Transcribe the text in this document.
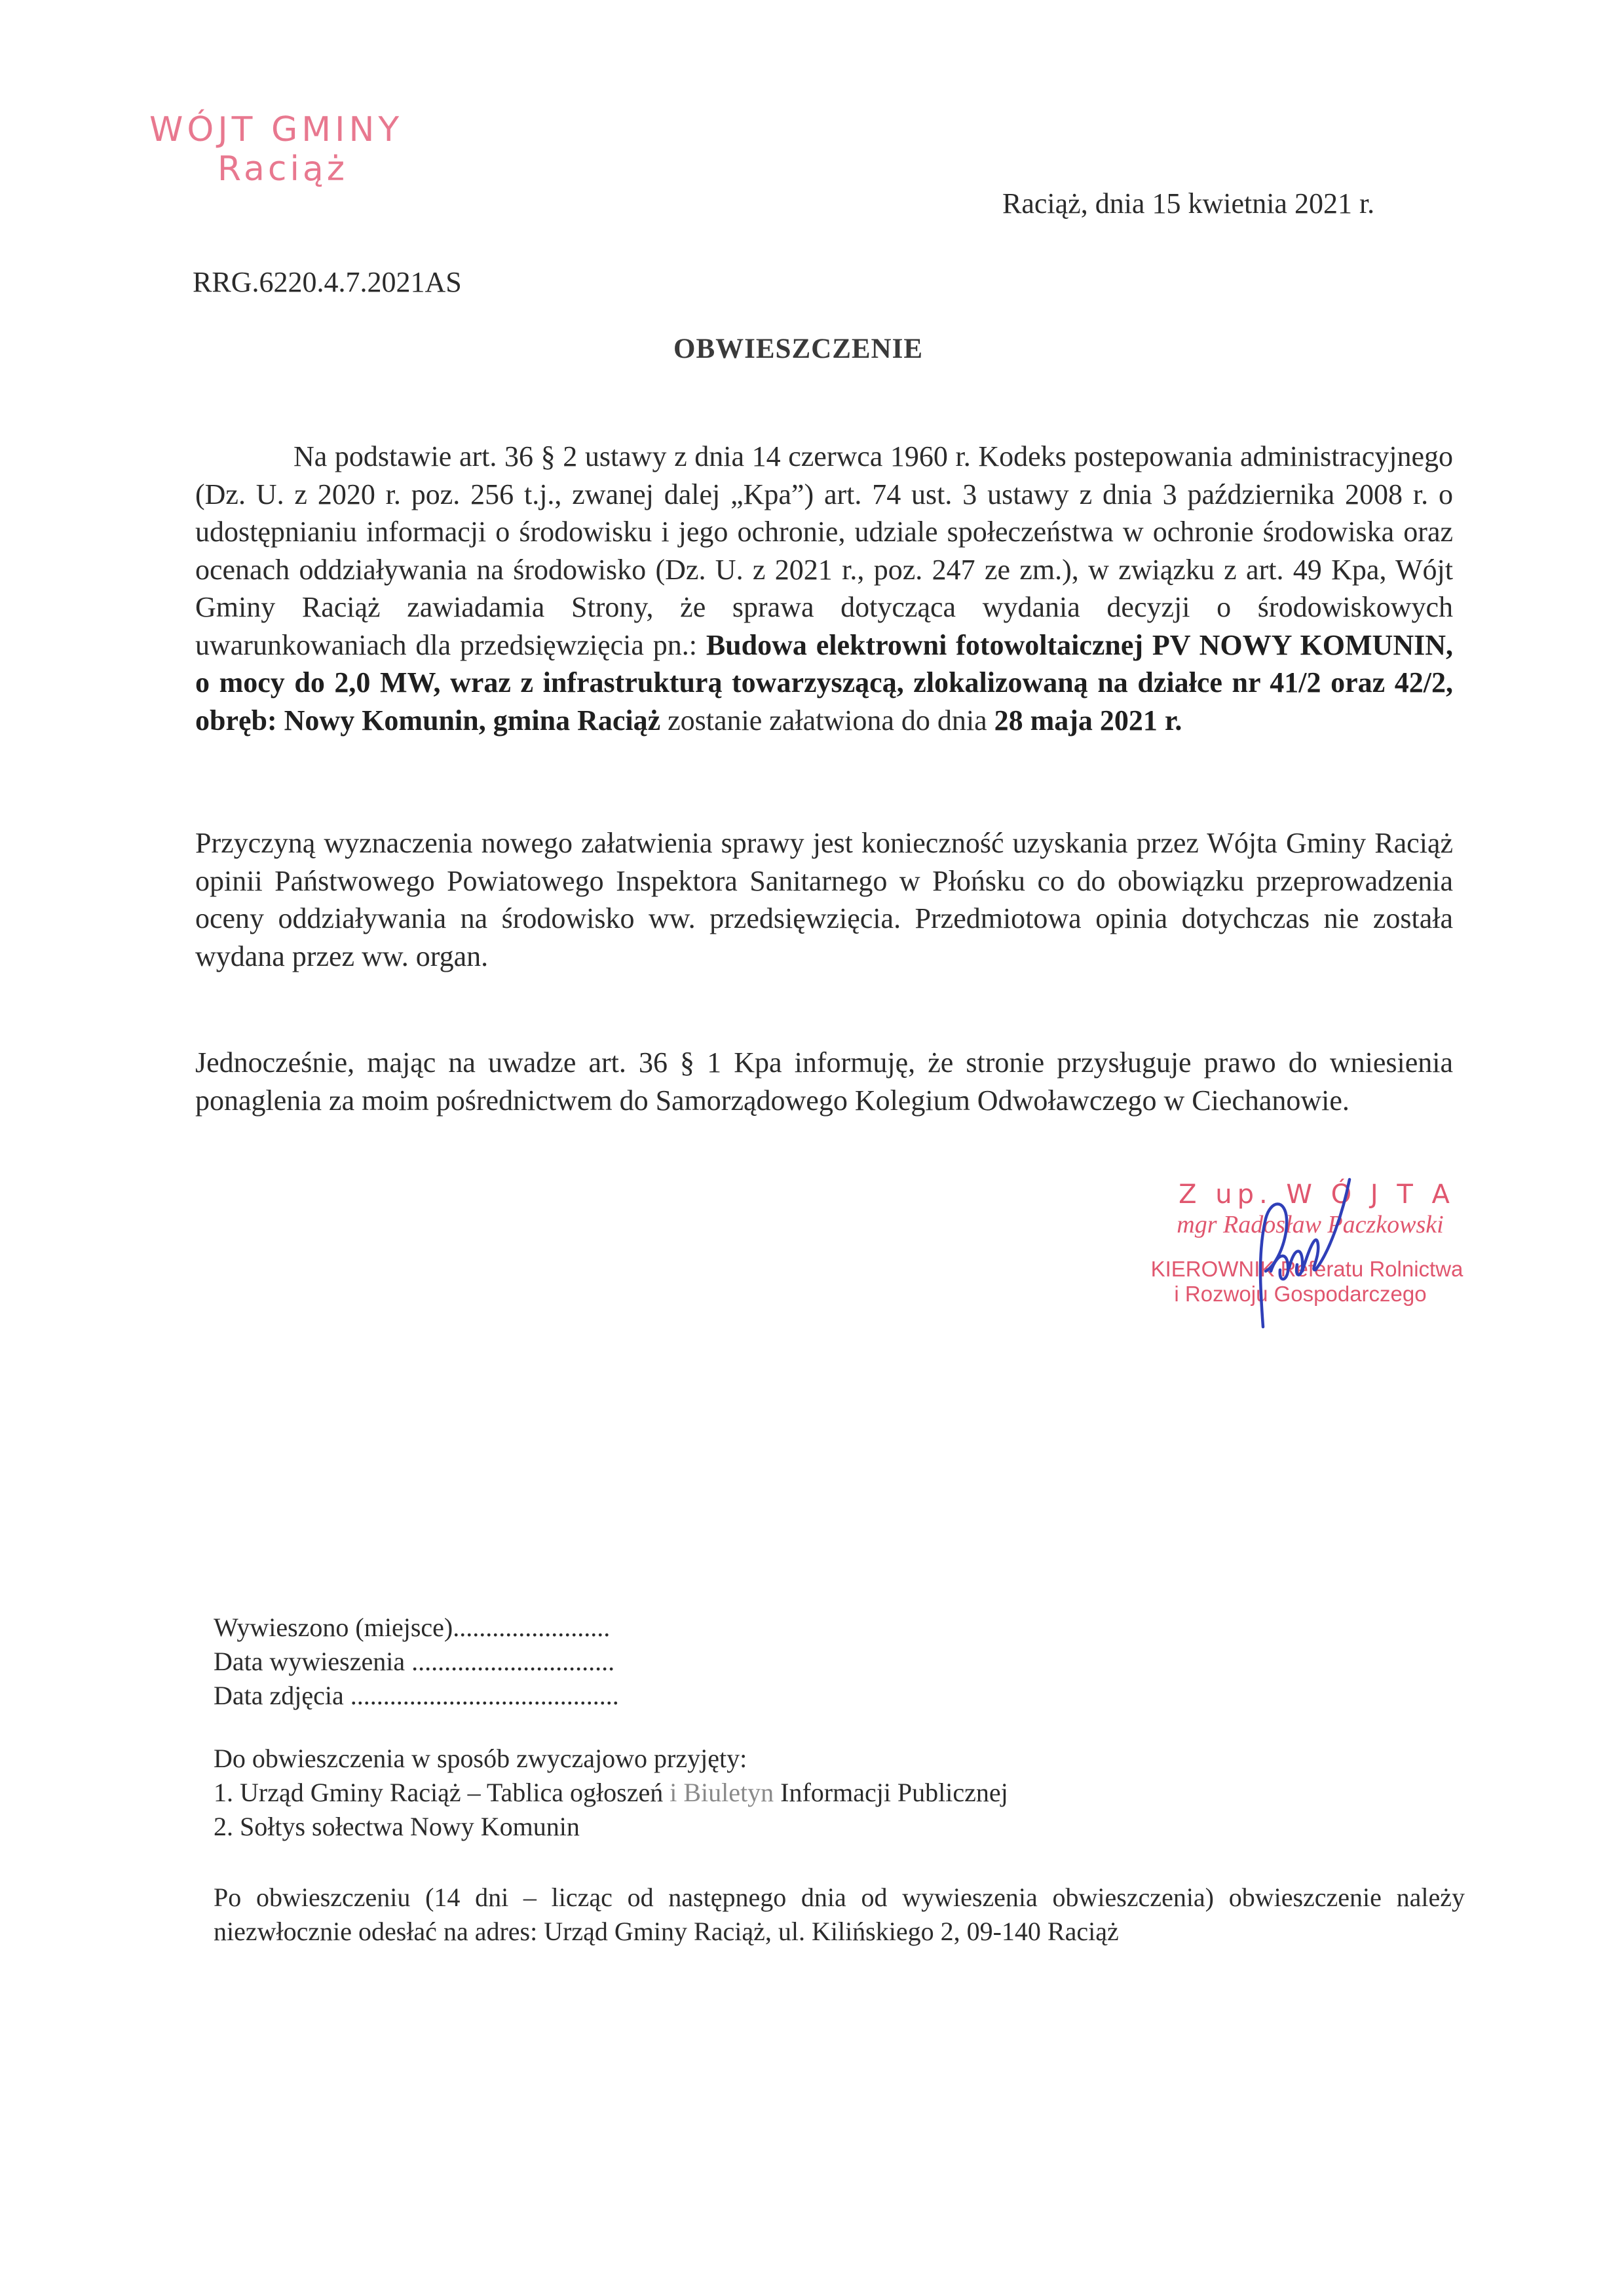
WÓJT GMINY
Raciąż
Raciąż, dnia 15 kwietnia 2021 r.
RRG.6220.4.7.2021AS
OBWIESZCZENIE
Na podstawie art. 36 § 2 ustawy z dnia 14 czerwca 1960 r. Kodeks postepowania administracyjnego (Dz. U. z 2020 r. poz. 256 t.j., zwanej dalej „Kpa”) art. 74 ust. 3 ustawy z dnia 3 października 2008 r. o udostępnianiu informacji o środowisku i jego ochronie, udziale społeczeństwa w ochronie środowiska oraz ocenach oddziaływania na środowisko (Dz. U. z 2021 r., poz. 247 ze zm.), w związku z art. 49 Kpa, Wójt Gminy Raciąż zawiadamia Strony, że sprawa dotycząca wydania decyzji o środowiskowych uwarunkowaniach dla przedsięwzięcia pn.: Budowa elektrowni fotowoltaicznej PV NOWY KOMUNIN, o mocy do 2,0 MW, wraz z infrastrukturą towarzyszącą, zlokalizowaną na działce nr 41/2 oraz 42/2, obręb: Nowy Komunin, gmina Raciąż zostanie załatwiona do dnia 28 maja 2021 r.
Przyczyną wyznaczenia nowego załatwienia sprawy jest konieczność uzyskania przez Wójta Gminy Raciąż opinii Państwowego Powiatowego Inspektora Sanitarnego w Płońsku co do obowiązku przeprowadzenia oceny oddziaływania na środowisko ww. przedsięwzięcia. Przedmiotowa opinia dotychczas nie została wydana przez ww. organ.
Jednocześnie, mając na uwadze art. 36 § 1 Kpa informuję, że stronie przysługuje prawo do wniesienia ponaglenia za moim pośrednictwem do Samorządowego Kolegium Odwoławczego w Ciechanowie.
Z up. W Ó J T A
mgr Radosław Paczkowski
KIEROWNIK Referatu Rolnictwa
i Rozwoju Gospodarczego
Wywieszono (miejsce)........................
Data wywieszenia ...............................
Data zdjęcia .........................................
Do obwieszczenia w sposób zwyczajowo przyjęty:
1. Urząd Gminy Raciąż – Tablica ogłoszeń i Biuletyn Informacji Publicznej
2. Sołtys sołectwa Nowy Komunin
Po obwieszczeniu (14 dni – licząc od następnego dnia od wywieszenia obwieszczenia) obwieszczenie należy niezwłocznie odesłać na adres: Urząd Gminy Raciąż, ul. Kilińskiego 2, 09-140 Raciąż
